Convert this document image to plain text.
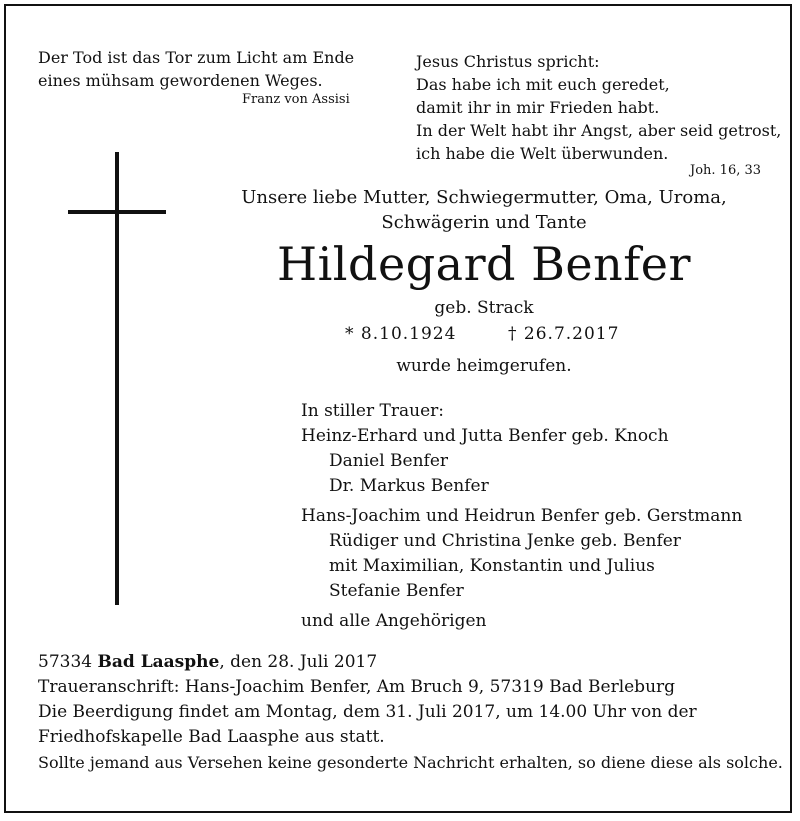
Der Tod ist das Tor zum Licht am Ende
eines mühsam gewordenen Weges.
Franz von Assisi
Jesus Christus spricht:
Das habe ich mit euch geredet,
damit ihr in mir Frieden habt.
In der Welt habt ihr Angst, aber seid getrost,
ich habe die Welt überwunden.
Joh. 16, 33
Unsere liebe Mutter, Schwiegermutter, Oma, Uroma,
Schwägerin und Tante
Hildegard Benfer
geb. Strack
* 8.10.1924	† 26.7.2017
wurde heimgerufen.
In stiller Trauer:
Heinz-Erhard und Jutta Benfer geb. Knoch
Daniel Benfer
Dr. Markus Benfer
Hans-Joachim und Heidrun Benfer geb. Gerstmann
Rüdiger und Christina Jenke geb. Benfer
mit Maximilian, Konstantin und Julius
Stefanie Benfer
und alle Angehörigen
57334 Bad Laasphe, den 28. Juli 2017
Traueranschrift: Hans-Joachim Benfer, Am Bruch 9, 57319 Bad Berleburg
Die Beerdigung findet am Montag, dem 31. Juli 2017, um 14.00 Uhr von der
Friedhofskapelle Bad Laasphe aus statt.
Sollte jemand aus Versehen keine gesonderte Nachricht erhalten, so diene diese als solche.
